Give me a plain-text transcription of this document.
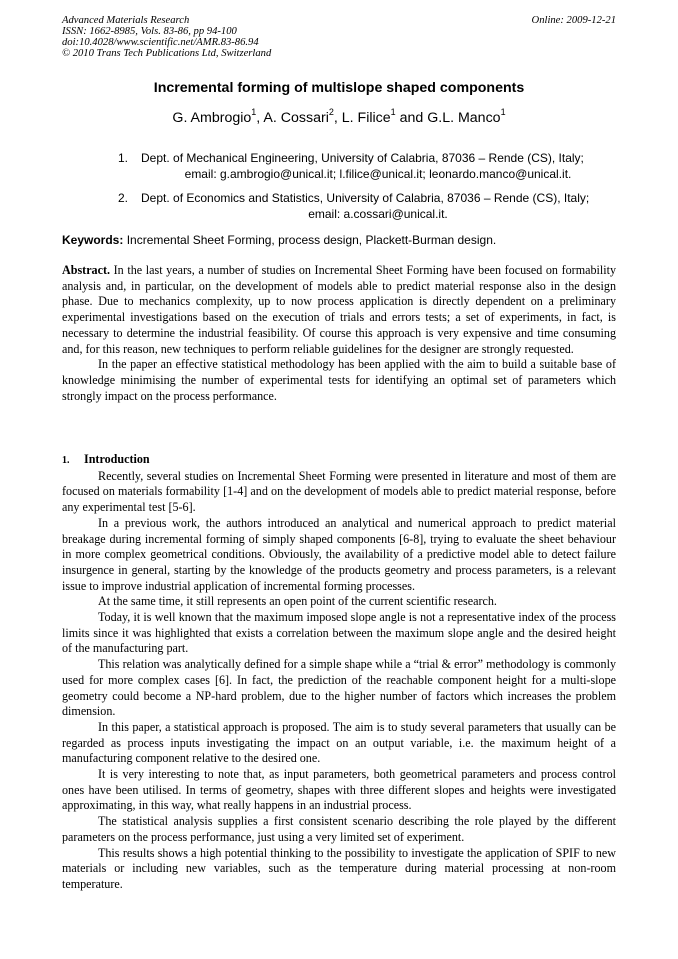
Advanced Materials Research
ISSN: 1662-8985, Vols. 83-86, pp 94-100
doi:10.4028/www.scientific.net/AMR.83-86.94
© 2010 Trans Tech Publications Ltd, Switzerland
Online: 2009-12-21
Incremental forming of multislope shaped components
G. Ambrogio$^1$, A. Cossari$^2$, L. Filice$^1$ and G.L. Manco$^1$
1.	Dept. of Mechanical Engineering, University of Calabria, 87036 – Rende (CS), Italy;
email: g.ambrogio@unical.it; l.filice@unical.it; leonardo.manco@unical.it.
2.	Dept. of Economics and Statistics, University of Calabria, 87036 – Rende (CS), Italy;
email: a.cossari@unical.it.
Keywords: Incremental Sheet Forming, process design, Plackett-Burman design.

Abstract. In the last years, a number of studies on Incremental Sheet Forming have been focused on formability analysis and, in particular, on the development of models able to predict material response also in the design phase. Due to mechanics complexity, up to now process application is directly dependent on a preliminary experimental investigations based on the execution of trials and errors tests; a set of experiments, in fact, is necessary to determine the industrial feasibility. Of course this approach is very expensive and time consuming and, for this reason, new techniques to perform reliable guidelines for the designer are strongly requested.

In the paper an effective statistical methodology has been applied with the aim to build a suitable base of knowledge minimising the number of experimental tests for identifying an optimal set of parameters which strongly impact on the process performance.

1. Introduction

Recently, several studies on Incremental Sheet Forming were presented in literature and most of them are focused on materials formability [1-4] and on the development of models able to predict material response, before any experimental test [5-6].

In a previous work, the authors introduced an analytical and numerical approach to predict material breakage during incremental forming of simply shaped components [6-8], trying to evaluate the sheet behaviour in more complex geometrical conditions. Obviously, the availability of a predictive model able to detect failure insurgence in general, starting by the knowledge of the products geometry and process parameters, is a relevant issue to improve industrial application of incremental forming processes.

At the same time, it still represents an open point of the current scientific research.

Today, it is well known that the maximum imposed slope angle is not a representative index of the process limits since it was highlighted that exists a correlation between the maximum slope angle and the desired height of the manufacturing part.

This relation was analytically defined for a simple shape while a “trial & error” methodology is commonly used for more complex cases [6]. In fact, the prediction of the reachable component height for a multi-slope geometry could become a NP-hard problem, due to the higher number of factors which increases the problem dimension.

In this paper, a statistical approach is proposed. The aim is to study several parameters that usually can be regarded as process inputs investigating the impact on an output variable, i.e. the maximum height of a manufacturing component relative to the desired one.

It is very interesting to note that, as input parameters, both geometrical parameters and process control ones have been utilised. In terms of geometry, shapes with three different slopes and heights were investigated approximating, in this way, what really happens in an industrial process.

The statistical analysis supplies a first consistent scenario describing the role played by the different parameters on the process performance, just using a very limited set of experiment.

This results shows a high potential thinking to the possibility to investigate the application of SPIF to new materials or including new variables, such as the temperature during material processing at non-room temperature.
